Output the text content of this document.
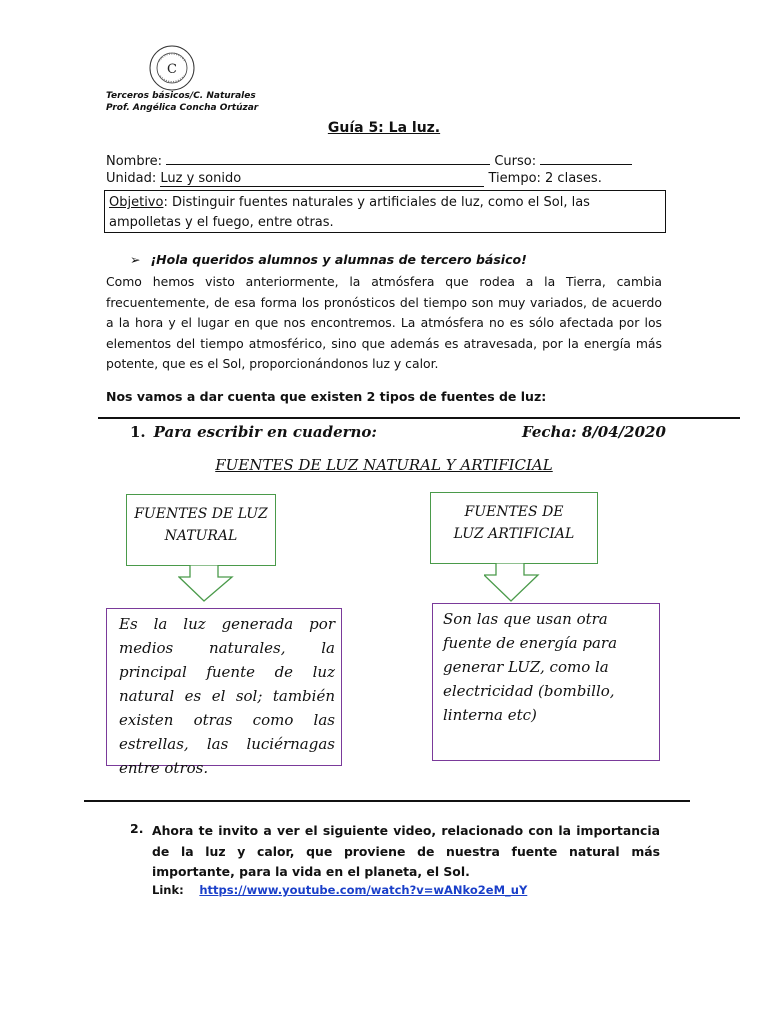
C
Terceros básicos/C. Naturales
Prof. Angélica Concha Ortúzar
Guía 5: La luz.
Nombre:	Curso:
Unidad: Luz y sonido	Tiempo: 2 clases.
Objetivo: Distinguir fuentes naturales y artificiales de luz, como el Sol, las ampolletas y el fuego, entre otras.
➢ ¡Hola queridos alumnos y alumnas de tercero básico!
Como hemos visto anteriormente, la atmósfera que rodea a la Tierra, cambia frecuentemente, de esa forma los pronósticos del tiempo son muy variados, de acuerdo a la hora y el lugar en que nos encontremos. La atmósfera no es sólo afectada por los elementos del tiempo atmosférico, sino que además es atravesada, por la energía más potente, que es el Sol, proporcionándonos luz y calor.
Nos vamos a dar cuenta que existen 2 tipos de fuentes de luz:
1. Para escribir en cuaderno:	Fecha: 8/04/2020
FUENTES DE LUZ NATURAL Y ARTIFICIAL
FUENTES DE LUZ
NATURAL
FUENTES DE
LUZ ARTIFICIAL
Es la luz generada por medios naturales, la principal fuente de luz natural es el sol; también existen otras como las estrellas, las luciérnagas entre otros.
Son las que usan otra fuente de energía para generar LUZ, como la electricidad (bombillo, linterna etc)
2. Ahora te invito a ver el siguiente video, relacionado con la importancia de la luz y calor, que proviene de nuestra fuente natural más importante, para la vida en el planeta, el Sol.
Link: https://www.youtube.com/watch?v=wANko2eM_uY
